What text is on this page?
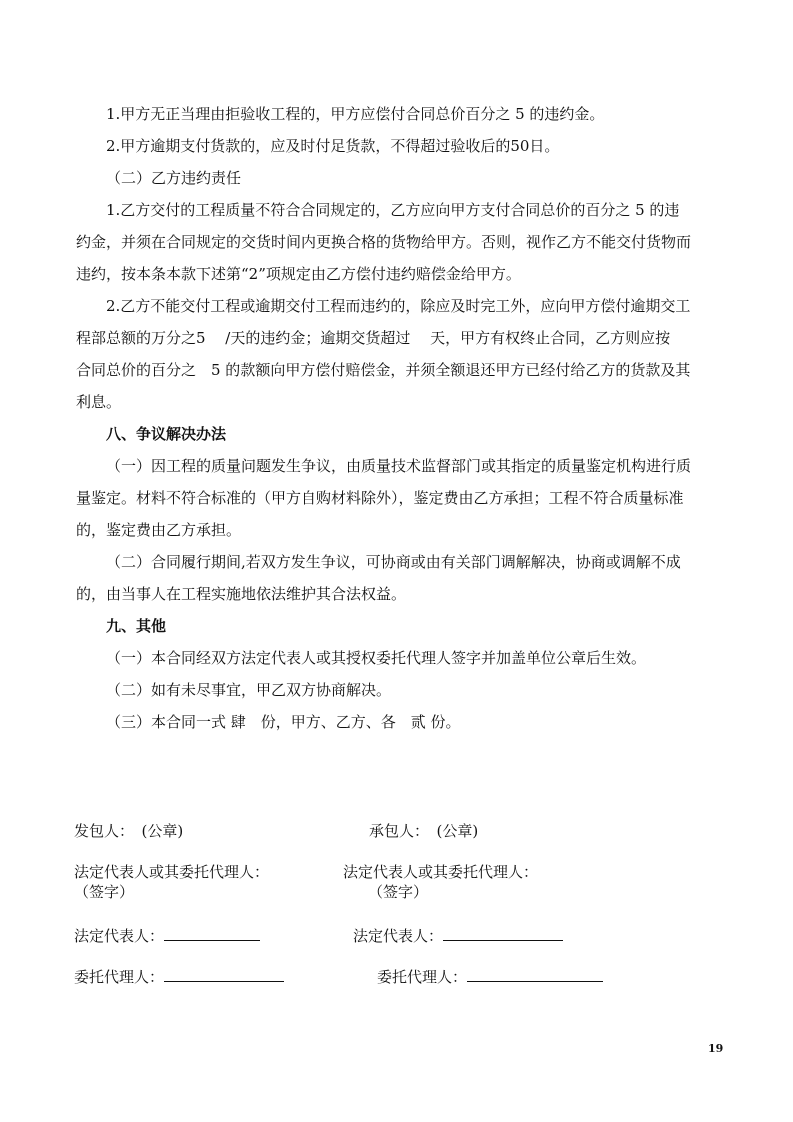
1.甲方无正当理由拒验收工程的，甲方应偿付合同总价百分之 5 的违约金。
2.甲方逾期支付货款的，应及时付足货款，不得超过验收后的50日。
（二）乙方违约责任
1.乙方交付的工程质量不符合合同规定的，乙方应向甲方支付合同总价的百分之 5 的违
约金，并须在合同规定的交货时间内更换合格的货物给甲方。否则，视作乙方不能交付货物而
违约，按本条本款下述第“2”项规定由乙方偿付违约赔偿金给甲方。
2.乙方不能交付工程或逾期交付工程而违约的，除应及时完工外，应向甲方偿付逾期交工
程部总额的万分之5　 /天的违约金；逾期交货超过　 天，甲方有权终止合同，乙方则应按
合同总价的百分之　5 的款额向甲方偿付赔偿金，并须全额退还甲方已经付给乙方的货款及其
利息。
八、争议解决办法
（一）因工程的质量问题发生争议，由质量技术监督部门或其指定的质量鉴定机构进行质
量鉴定。材料不符合标准的（甲方自购材料除外），鉴定费由乙方承担；工程不符合质量标准
的，鉴定费由乙方承担。
（二）合同履行期间,若双方发生争议，可协商或由有关部门调解解决，协商或调解不成
的，由当事人在工程实施地依法维护其合法权益。
九、其他
（一）本合同经双方法定代表人或其授权委托代理人签字并加盖单位公章后生效。
（二）如有未尽事宜，甲乙双方协商解决。
（三）本合同一式 肆　份，甲方、乙方、各　贰 份。
发包人：　(公章)
法定代表人或其委托代理人：
（签字）
法定代表人：
委托代理人：
承包人：　(公章)
法定代表人或其委托代理人：
（签字）
法定代表人：
委托代理人：
19
